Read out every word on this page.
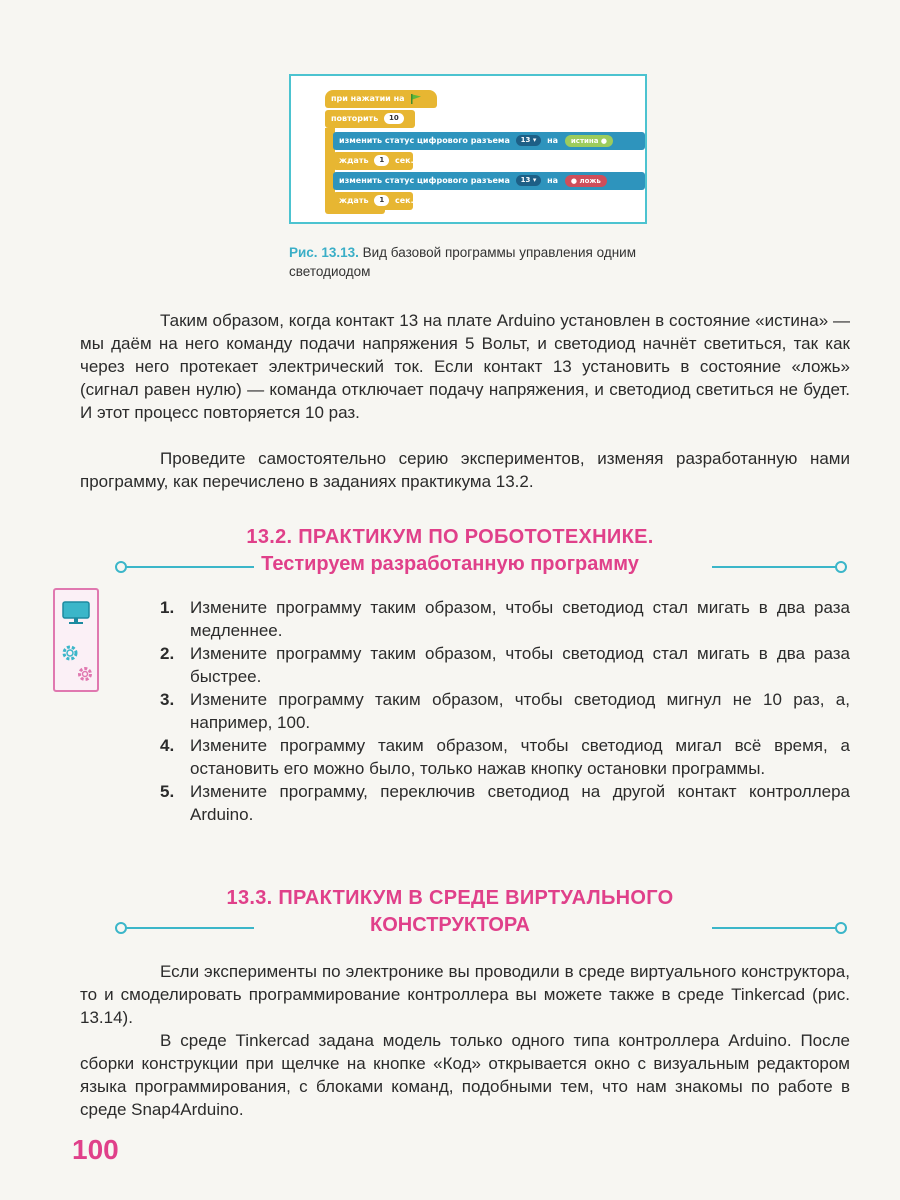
при нажатии на
повторить 10
изменить статус цифрового разъема 13 ▾ на истина ●
ждать 1 сек.
изменить статус цифрового разъема 13 ▾ на ● ложь
ждать 1 сек.
Рис. 13.13. Вид базовой программы управления одним светодиодом

Таким образом, когда контакт 13 на плате Arduino установлен в состояние «истина» — мы даём на него команду подачи напряжения 5 Вольт, и светодиод начнёт светиться, так как через него протекает электрический ток. Если контакт 13 установить в состояние «ложь» (сигнал равен нулю) — команда отключает подачу напряжения, и светодиод светиться не будет. И этот процесс повторяется 10 раз.

Проведите самостоятельно серию экспериментов, изменяя разработанную нами программу, как перечислено в заданиях практикума 13.2.

13.2. ПРАКТИКУМ ПО РОБОТОТЕХНИКЕ.
Тестируем разработанную программу
1. Измените программу таким образом, чтобы светодиод стал мигать в два раза медленнее.
2. Измените программу таким образом, чтобы светодиод стал мигать в два раза быстрее.
3. Измените программу таким образом, чтобы светодиод мигнул не 10 раз, а, например, 100.
4. Измените программу таким образом, чтобы светодиод мигал всё время, а остановить его можно было, только нажав кнопку остановки программы.
5. Измените программу, переключив светодиод на другой контакт контроллера Arduino.
13.3. ПРАКТИКУМ В СРЕДЕ ВИРТУАЛЬНОГО
КОНСТРУКТОРА

Если эксперименты по электронике вы проводили в среде виртуального конструктора, то и смоделировать программирование контроллера вы можете также в среде Tinkercad (рис. 13.14).

В среде Tinkercad задана модель только одного типа контроллера Arduino. После сборки конструкции при щелчке на кнопке «Код» открывается окно с визуальным редактором языка программирования, с блоками команд, подобными тем, что нам знакомы по работе в среде Snap4Arduino.

100
